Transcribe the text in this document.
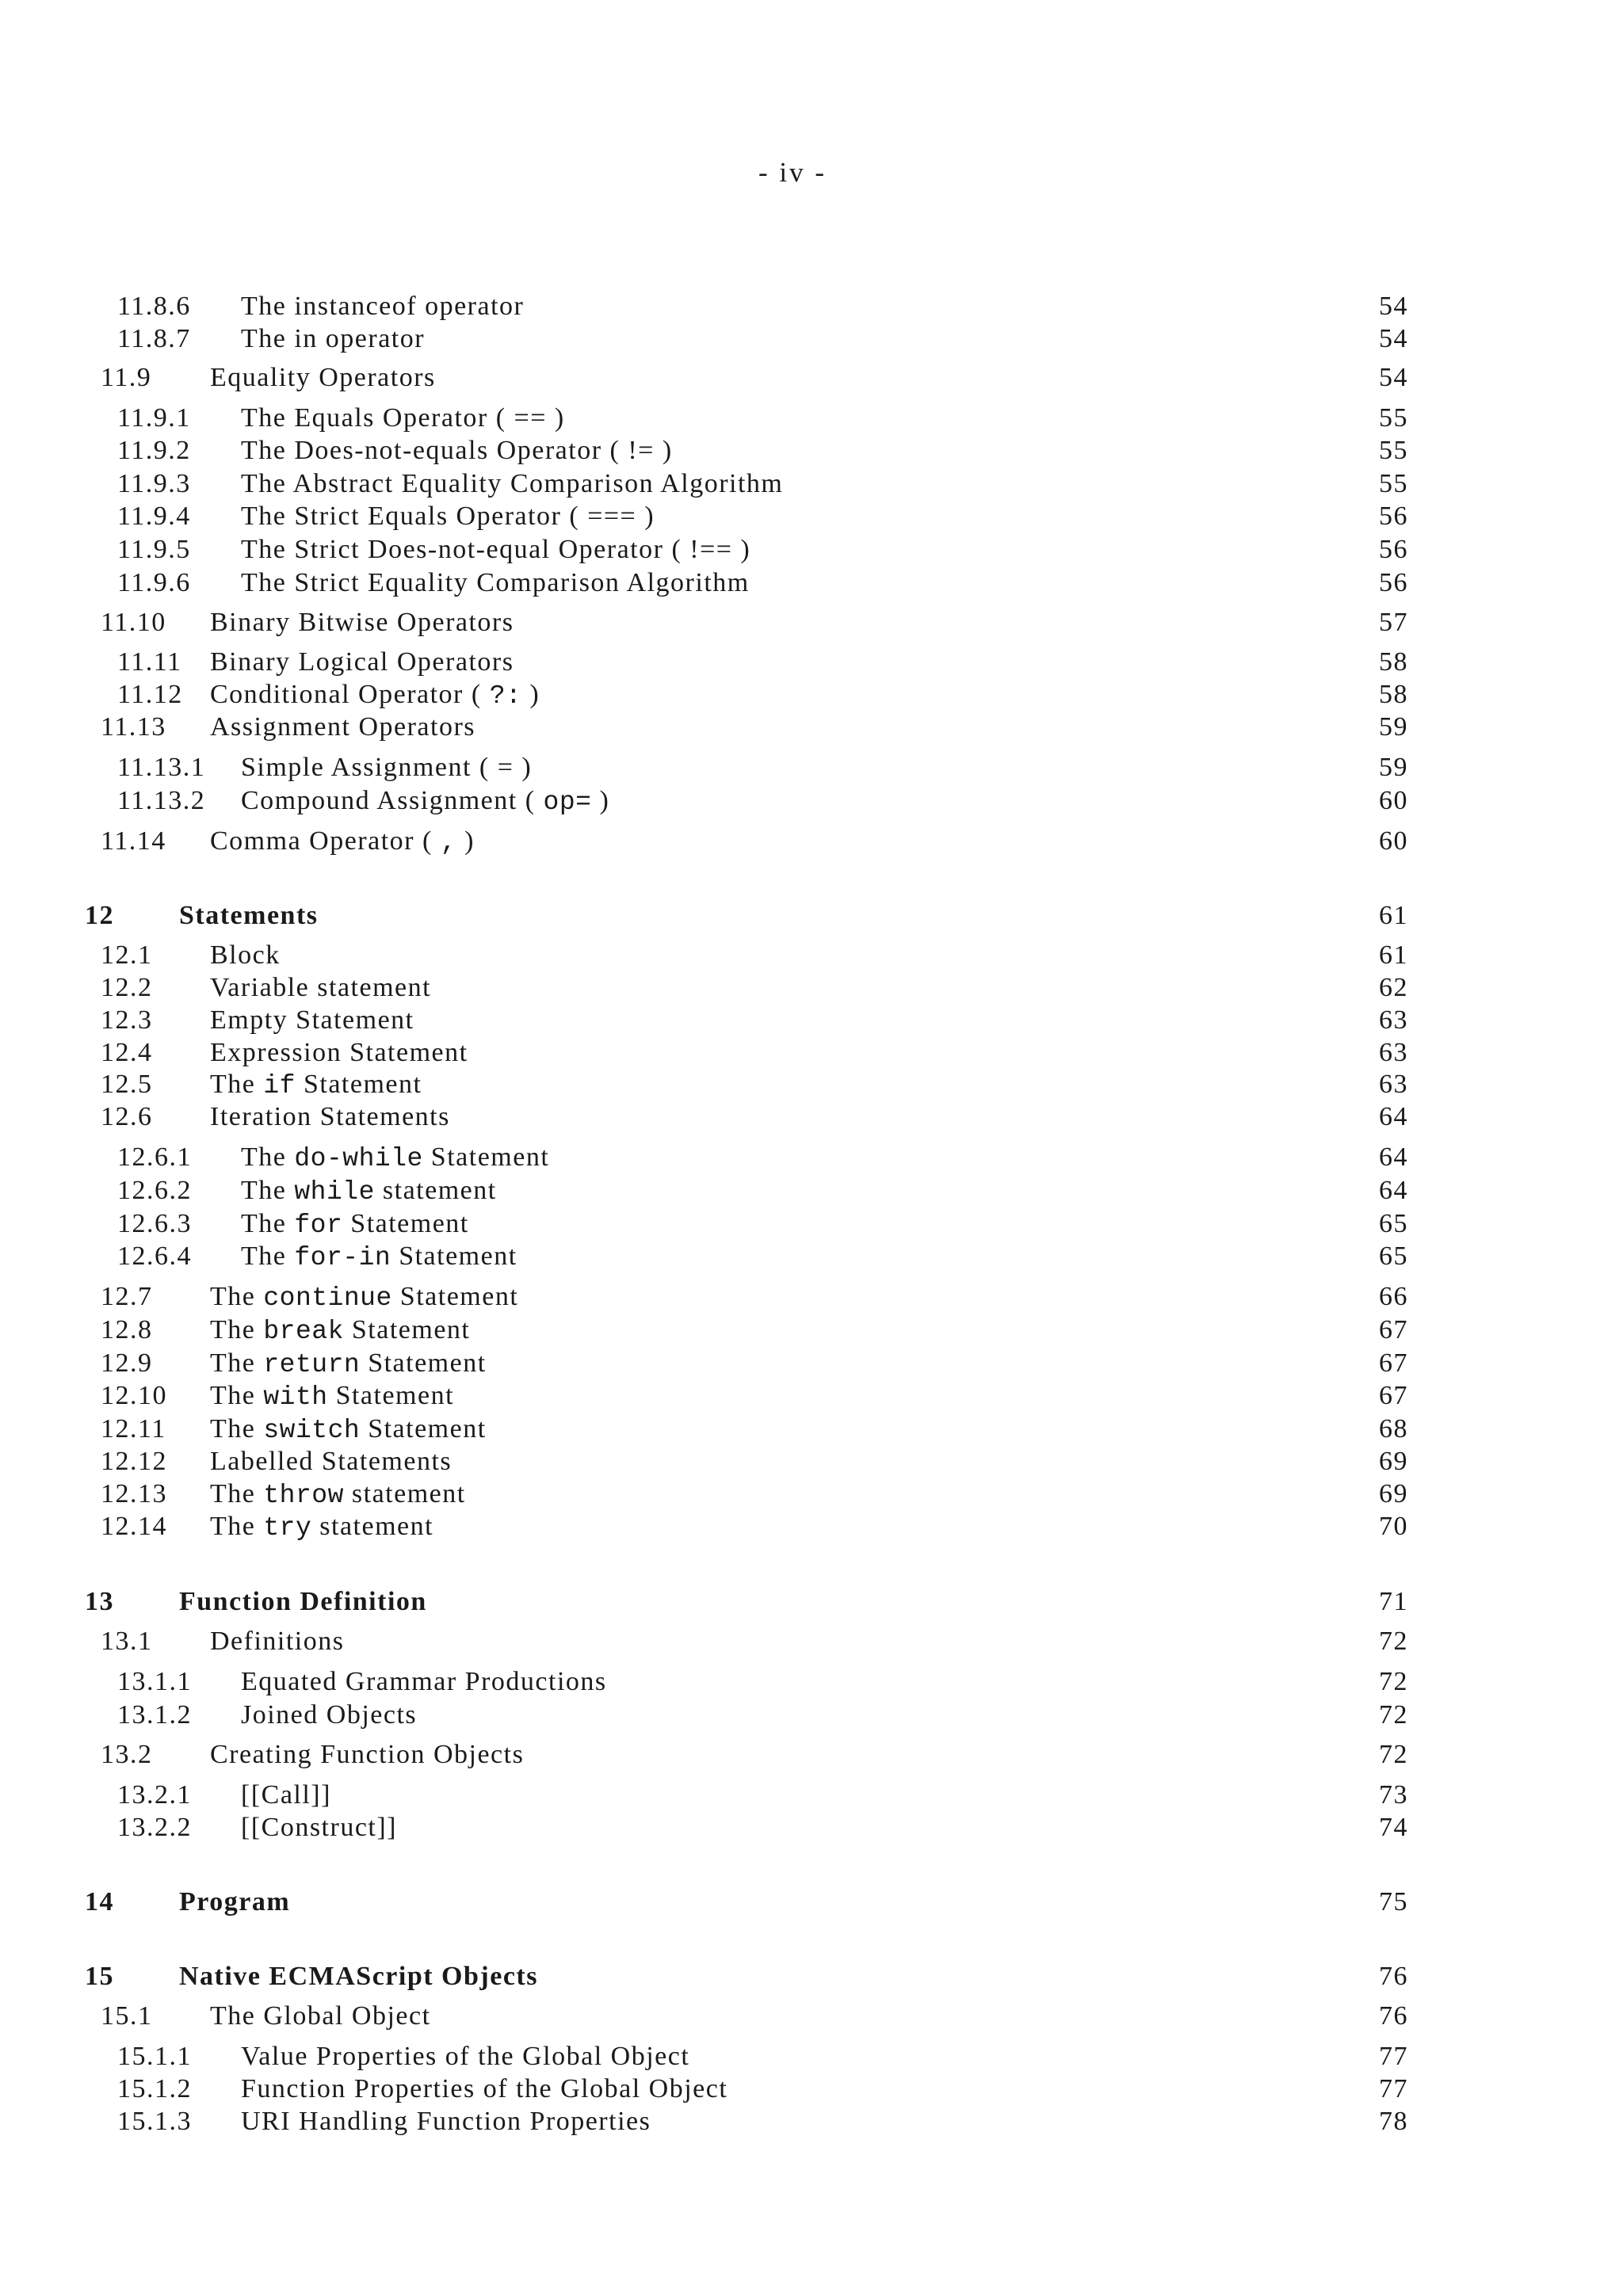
- iv -
11.8.6 The instanceof operator	54
11.8.7 The in operator	54
11.9 Equality Operators	54
11.9.1 The Equals Operator ( == )	55
11.9.2 The Does-not-equals Operator ( != )	55
11.9.3 The Abstract Equality Comparison Algorithm	55
11.9.4 The Strict Equals Operator ( === )	56
11.9.5 The Strict Does-not-equal Operator ( !== )	56
11.9.6 The Strict Equality Comparison Algorithm	56
11.10 Binary Bitwise Operators	57
11.11 Binary Logical Operators	58
11.12 Conditional Operator ( ?: )	58
11.13 Assignment Operators	59
11.13.1 Simple Assignment ( = )	59
11.13.2 Compound Assignment ( op= )	60
11.14 Comma Operator ( , )	60
12 Statements	61
12.1 Block	61
12.2 Variable statement	62
12.3 Empty Statement	63
12.4 Expression Statement	63
12.5 The if Statement	63
12.6 Iteration Statements	64
12.6.1 The do-while Statement	64
12.6.2 The while statement	64
12.6.3 The for Statement	65
12.6.4 The for-in Statement	65
12.7 The continue Statement	66
12.8 The break Statement	67
12.9 The return Statement	67
12.10 The with Statement	67
12.11 The switch Statement	68
12.12 Labelled Statements	69
12.13 The throw statement	69
12.14 The try statement	70
13 Function Definition	71
13.1 Definitions	72
13.1.1 Equated Grammar Productions	72
13.1.2 Joined Objects	72
13.2 Creating Function Objects	72
13.2.1 [[Call]]	73
13.2.2 [[Construct]]	74
14 Program	75
15 Native ECMAScript Objects	76
15.1 The Global Object	76
15.1.1 Value Properties of the Global Object	77
15.1.2 Function Properties of the Global Object	77
15.1.3 URI Handling Function Properties	78
